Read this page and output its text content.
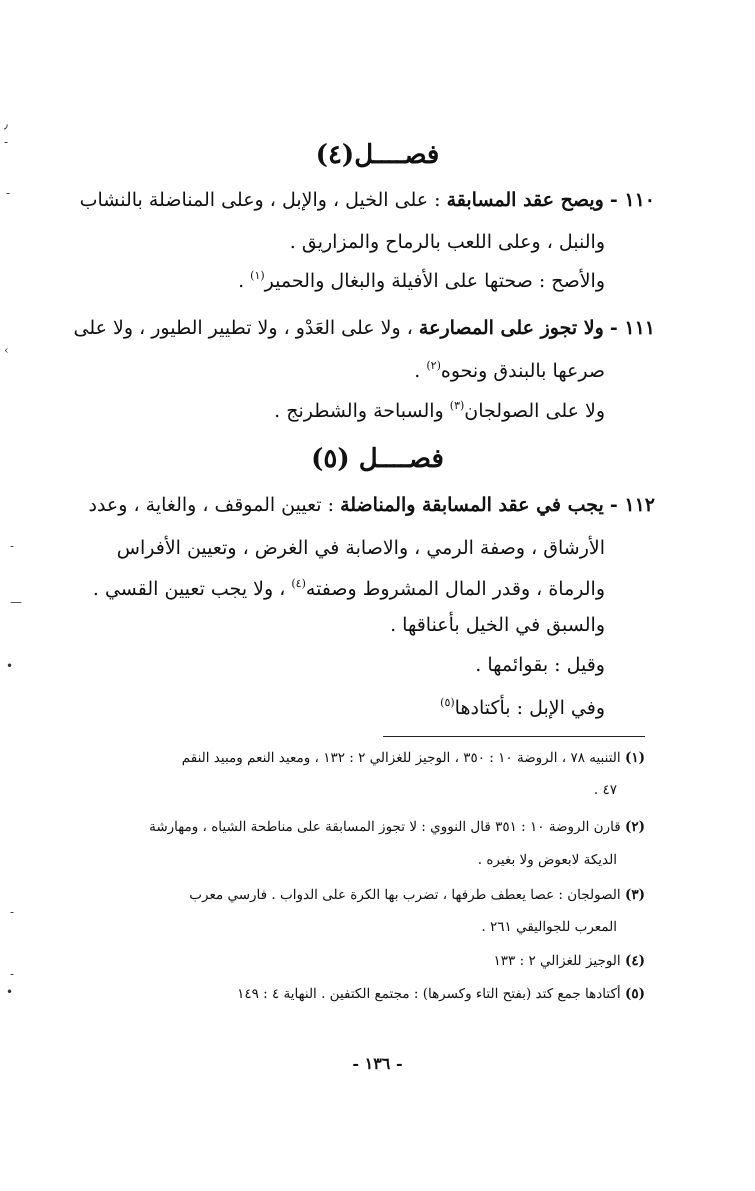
٫
-
-
‹
-
—
•
-
-
•
فصــــل(٤)
١١٠ - ويصح عقد المسابقة : على الخيل ، والإبل ، وعلى المناضلة بالنشاب
والنبل ، وعلى اللعب بالرماح والمزاريق .
والأصح : صحتها على الأفيلة والبغال والحمير$^{(١)}$ .
١١١ - ولا تجوز على المصارعة ، ولا على العَدْو ، ولا تطيير الطيور ، ولا على
صرعها بالبندق ونحوه$^{(٢)}$ .
ولا على الصولجان$^{(٣)}$ والسباحة والشطرنج .
فصــــل (٥)
١١٢ - يجب في عقد المسابقة والمناضلة : تعيين الموقف ، والغاية ، وعدد
الأرشاق ، وصفة الرمي ، والاصابة في الغرض ، وتعيين الأفراس
والرماة ، وقدر المال المشروط وصفته$^{(٤)}$ ، ولا يجب تعيين القسي .
والسبق في الخيل بأعناقها .
وقيل : بقوائمها .
وفي الإبل : بأكتادها$^{(٥)}$
(١) التنبيه ٧٨ ، الروضة ١٠ : ٣٥٠ ، الوجيز للغزالي ٢ : ١٣٢ ، ومعيد النعم ومبيد النقم
٤٧ .
(٢) قارن الروضة ١٠ : ٣٥١ قال النووي : لا تجوز المسابقة على مناطحة الشياه ، ومهارشة
الديكة لابعوض ولا بغيره .
(٣) الصولجان : عصا يعطف طرفها ، تضرب بها الكرة على الدواب . فارسي معرب
المعرب للجواليقي ٢٦١ .
(٤) الوجيز للغزالي ٢ : ١٣٣
(٥) أكتادها جمع كتد (بفتح التاء وكسرها) : مجتمع الكتفين . النهاية ٤ : ١٤٩
- ١٣٦ -
